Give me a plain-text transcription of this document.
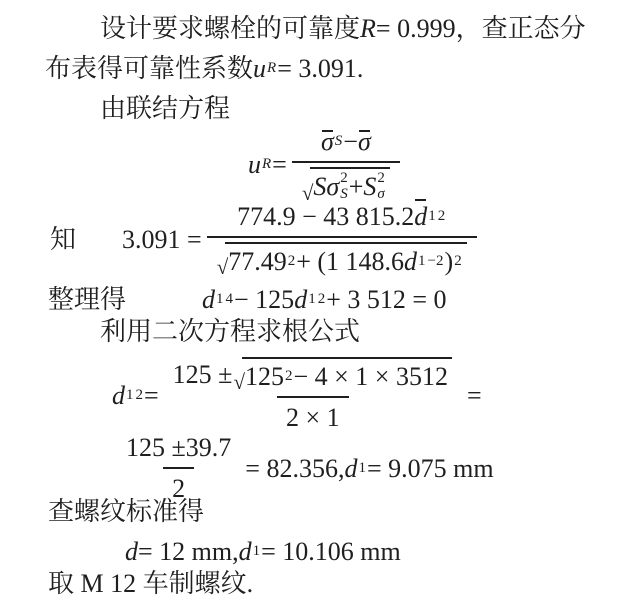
设计要求螺栓的可靠度 R = 0.999，查正态分
布表得可靠性系数 u R = 3.091.
由联结方程
u R = σ S − σ
√ S σ 2
S + S 2
σ
知 $3.091 = \frac{774.9 - 43 815.2 d 1 2}{√ 77.49 2 + (1 148.6 d 1 -2 ) 2}$
整理得	d 1 4 − 125 d 1 2 + 3 512 = 0
利用二次方程求根公式
d 1 $2 = \frac{125 \pm √ 125 2 - 4 \times 1 \times 3512}{2 \times 1}$ =
$\frac{125 \pm 39.7}{2} = 82.356$, d 1 = 9.075 mm
查螺纹标准得
d = 12 mm, d 1 = 10.106 mm
取 M 12 车制螺纹.
